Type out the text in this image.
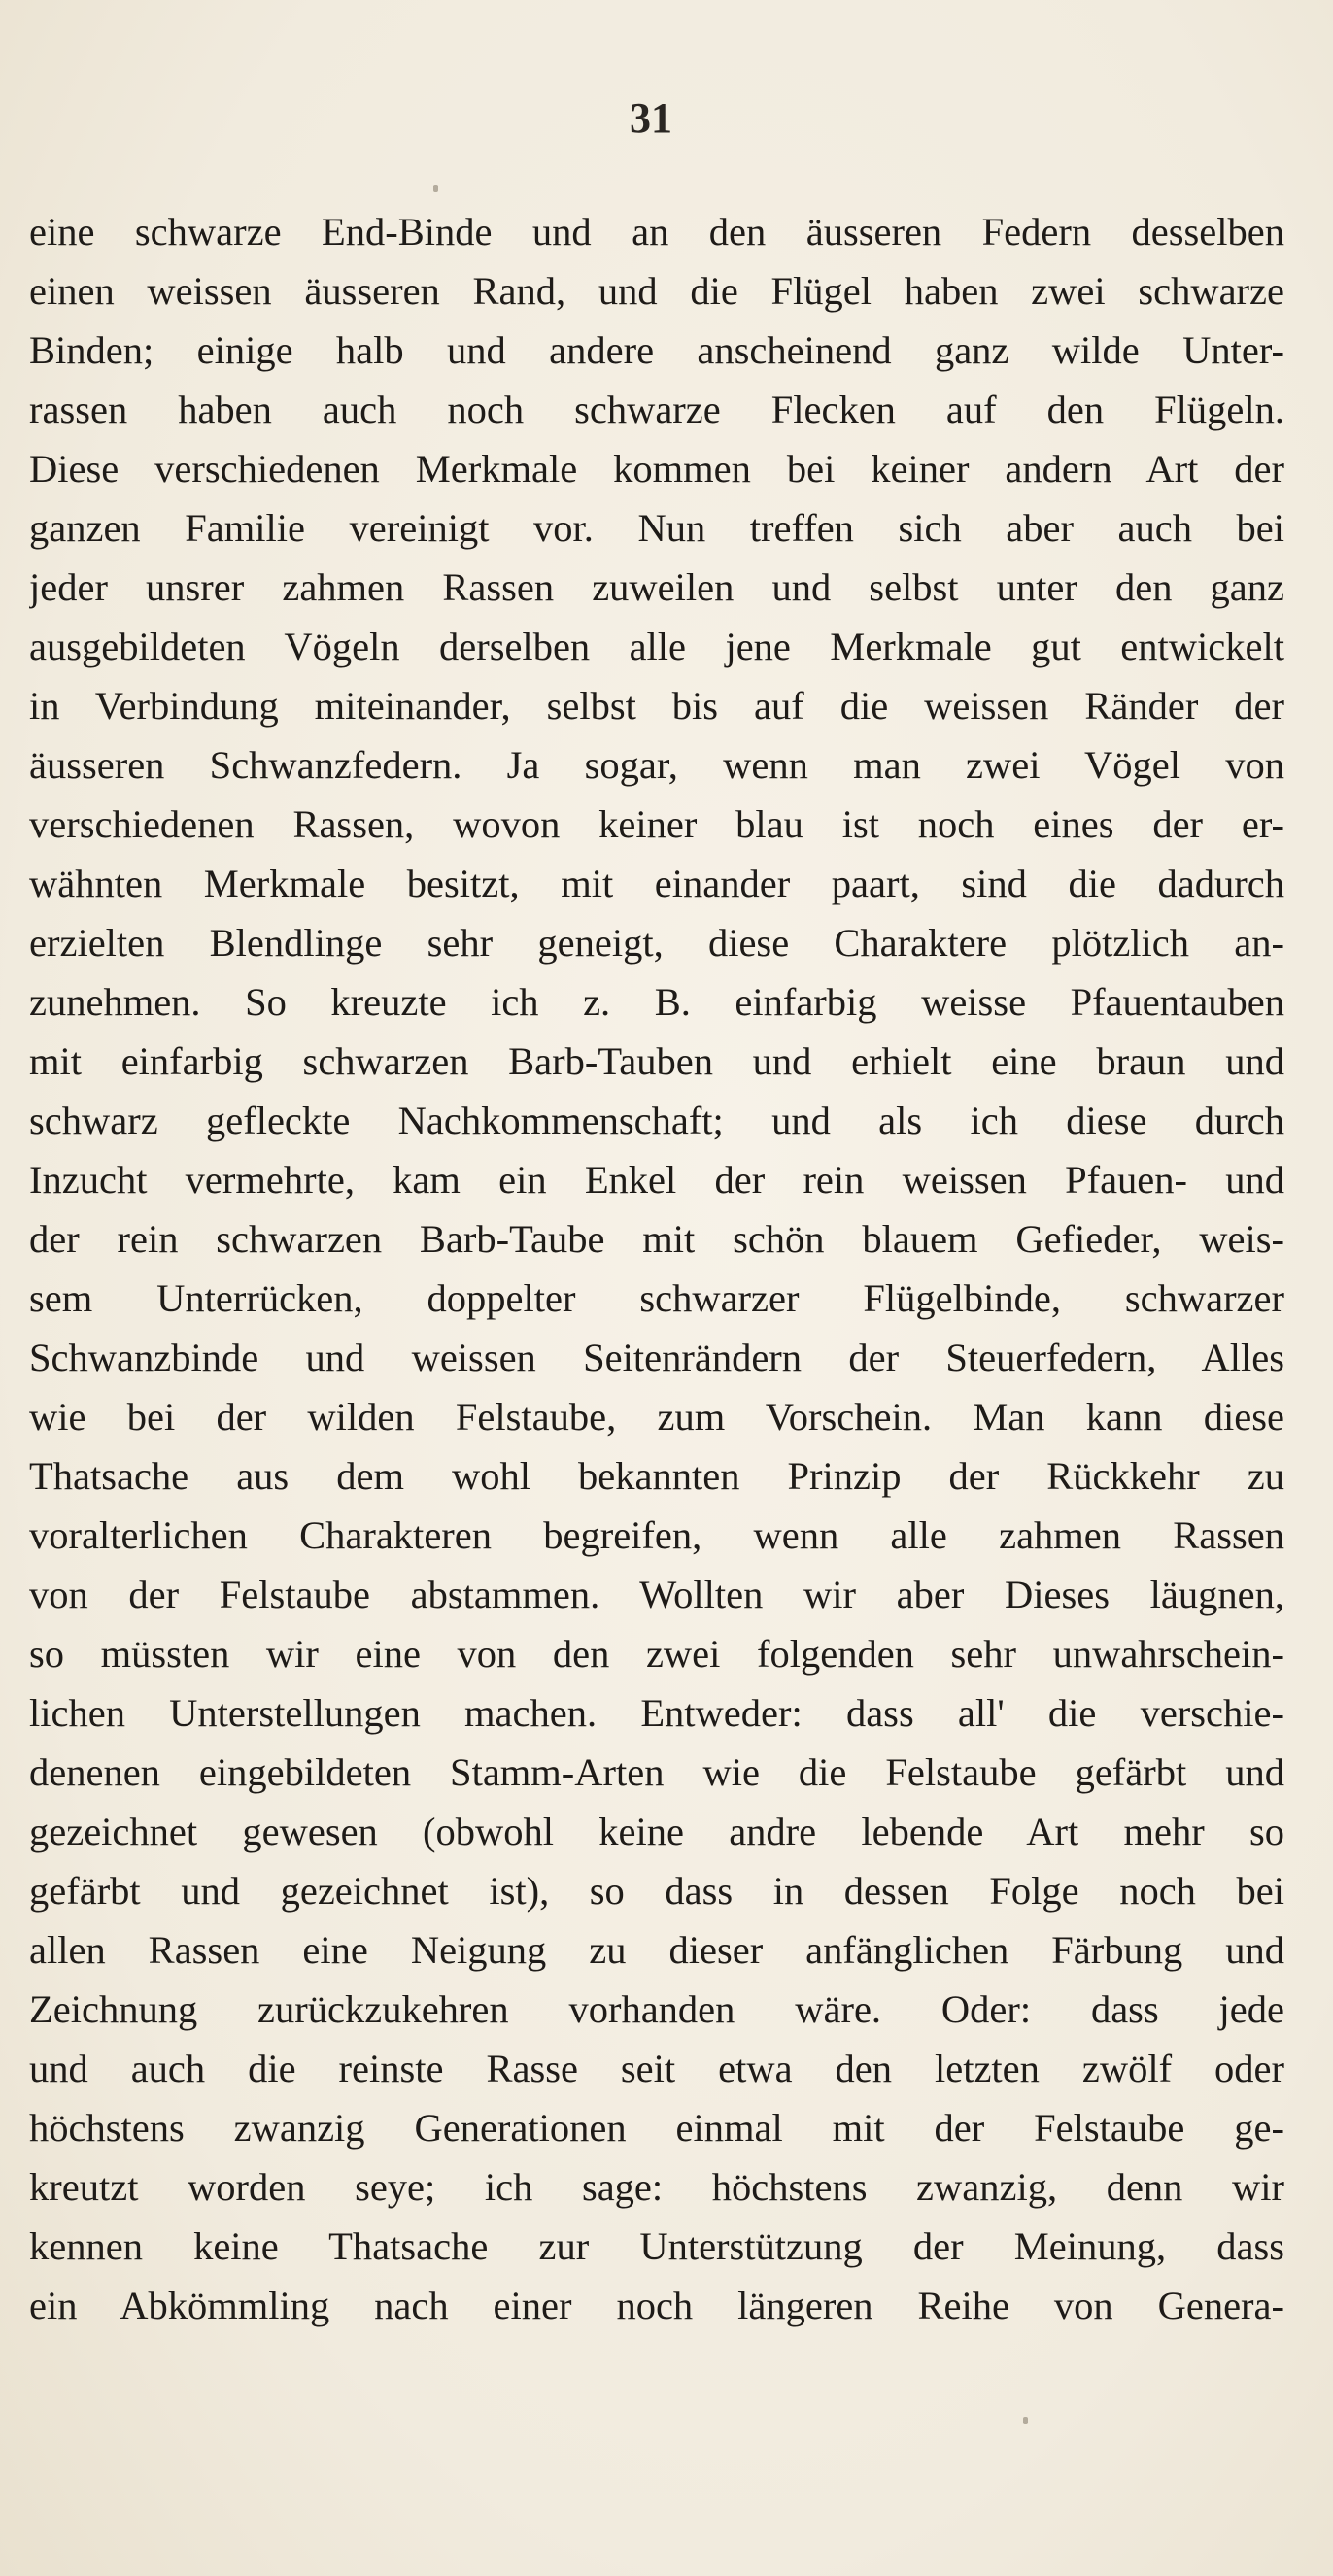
31
eine schwarze End-Binde und an den äusseren Federn desselben
einen weissen äusseren Rand, und die Flügel haben zwei schwarze
Binden; einige halb und andere anscheinend ganz wilde Unter-
rassen haben auch noch schwarze Flecken auf den Flügeln.
Diese verschiedenen Merkmale kommen bei keiner andern Art der
ganzen Familie vereinigt vor. Nun treffen sich aber auch bei
jeder unsrer zahmen Rassen zuweilen und selbst unter den ganz
ausgebildeten Vögeln derselben alle jene Merkmale gut entwickelt
in Verbindung miteinander, selbst bis auf die weissen Ränder der
äusseren Schwanzfedern. Ja sogar, wenn man zwei Vögel von
verschiedenen Rassen, wovon keiner blau ist noch eines der er-
wähnten Merkmale besitzt, mit einander paart, sind die dadurch
erzielten Blendlinge sehr geneigt, diese Charaktere plötzlich an-
zunehmen. So kreuzte ich z. B. einfarbig weisse Pfauentauben
mit einfarbig schwarzen Barb-Tauben und erhielt eine braun und
schwarz gefleckte Nachkommenschaft; und als ich diese durch
Inzucht vermehrte, kam ein Enkel der rein weissen Pfauen- und
der rein schwarzen Barb-Taube mit schön blauem Gefieder, weis-
sem Unterrücken, doppelter schwarzer Flügelbinde, schwarzer
Schwanzbinde und weissen Seitenrändern der Steuerfedern, Alles
wie bei der wilden Felstaube, zum Vorschein. Man kann diese
Thatsache aus dem wohl bekannten Prinzip der Rückkehr zu
voralterlichen Charakteren begreifen, wenn alle zahmen Rassen
von der Felstaube abstammen. Wollten wir aber Dieses läugnen,
so müssten wir eine von den zwei folgenden sehr unwahrschein-
lichen Unterstellungen machen. Entweder: dass all' die verschie-
denenen eingebildeten Stamm-Arten wie die Felstaube gefärbt und
gezeichnet gewesen (obwohl keine andre lebende Art mehr so
gefärbt und gezeichnet ist), so dass in dessen Folge noch bei
allen Rassen eine Neigung zu dieser anfänglichen Färbung und
Zeichnung zurückzukehren vorhanden wäre. Oder: dass jede
und auch die reinste Rasse seit etwa den letzten zwölf oder
höchstens zwanzig Generationen einmal mit der Felstaube ge-
kreutzt worden seye; ich sage: höchstens zwanzig, denn wir
kennen keine Thatsache zur Unterstützung der Meinung, dass
ein Abkömmling nach einer noch längeren Reihe von Genera-
